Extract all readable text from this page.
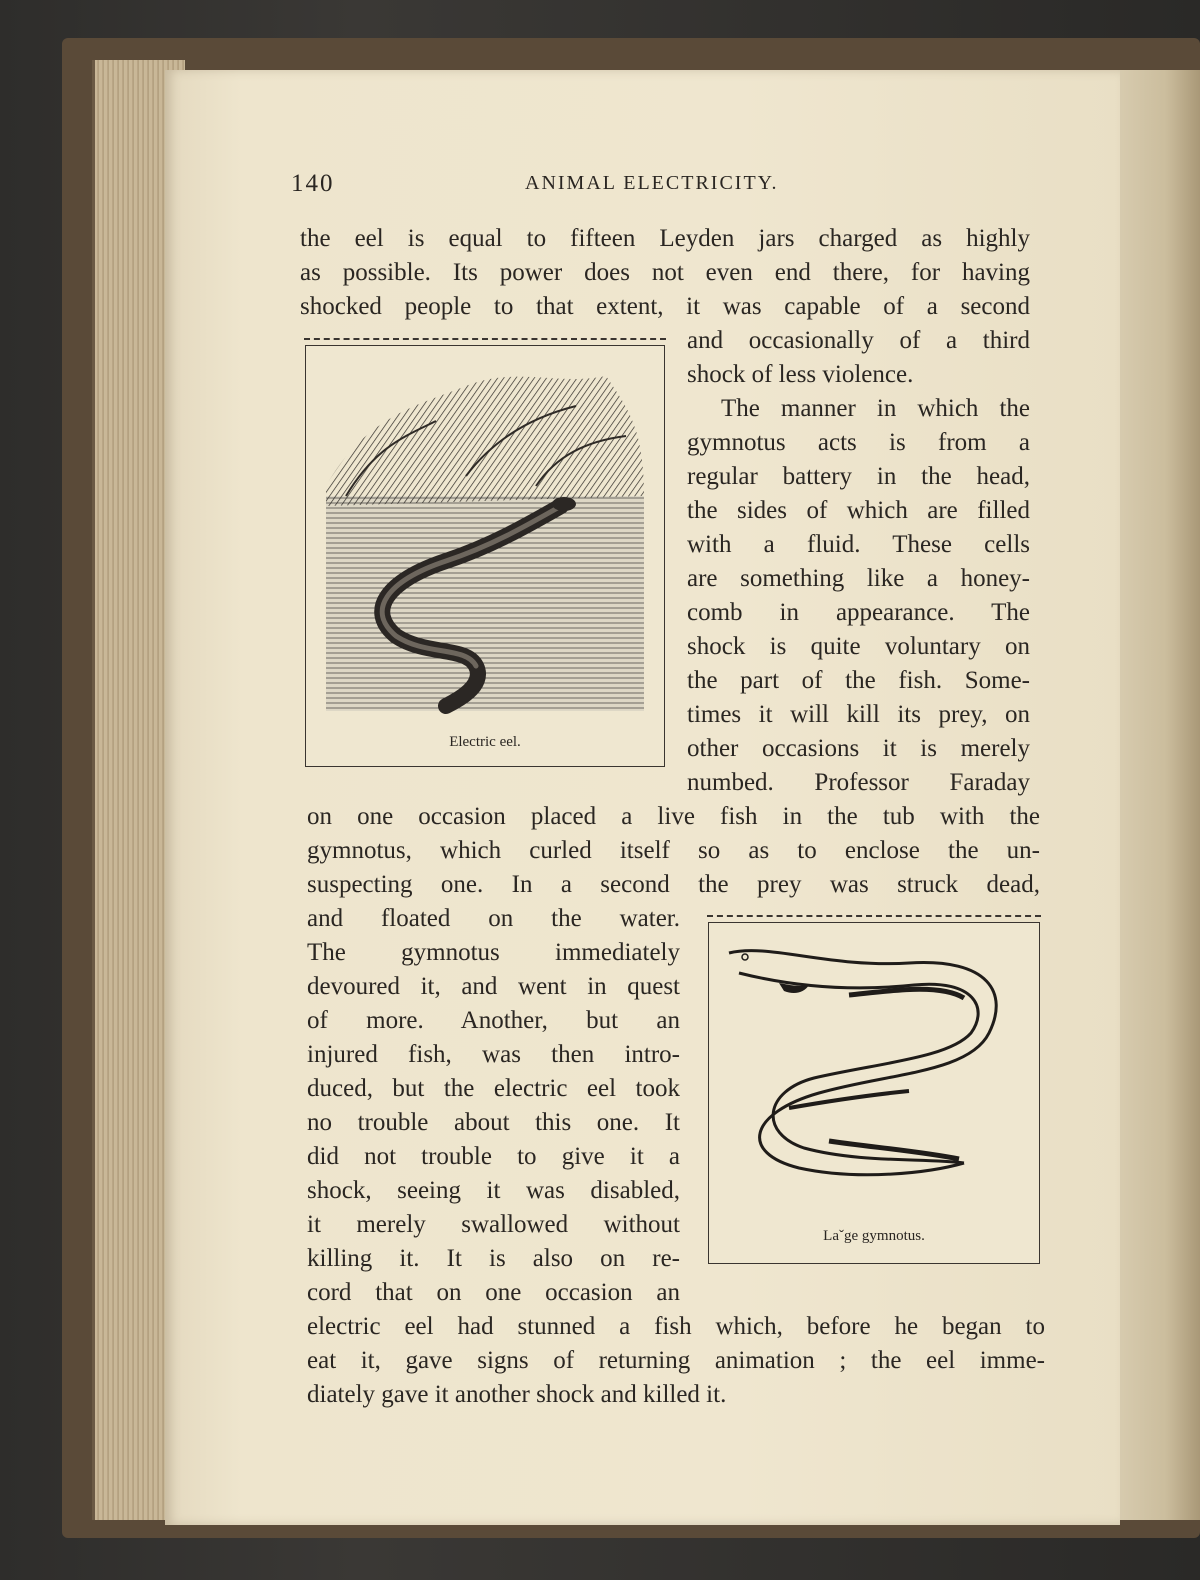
140	ANIMAL ELECTRICITY.
the eel is equal to fifteen Leyden jars charged as highly
as possible. Its power does not even end there, for having
shocked people to that extent, it was capable of a second
and occasionally of a third
shock of less violence.
The manner in which the
gymnotus acts is from a
regular battery in the head,
the sides of which are filled
with a fluid. These cells
are something like a honey-
comb in appearance. The
shock is quite voluntary on
the part of the fish. Some-
times it will kill its prey, on
other occasions it is merely
numbed. Professor Faraday
on one occasion placed a live fish in the tub with the
gymnotus, which curled itself so as to enclose the un-
suspecting one. In a second the prey was struck dead,
and floated on the water.
The gymnotus immediately
devoured it, and went in quest
of more. Another, but an
injured fish, was then intro-
duced, but the electric eel took
no trouble about this one. It
did not trouble to give it a
shock, seeing it was disabled,
it merely swallowed without
killing it. It is also on re-
cord that on one occasion an
electric eel had stunned a fish which, before he began to
eat it, gave signs of returning animation ; the eel imme-
diately gave it another shock and killed it.
Electric eel.
Laˇge gymnotus.
